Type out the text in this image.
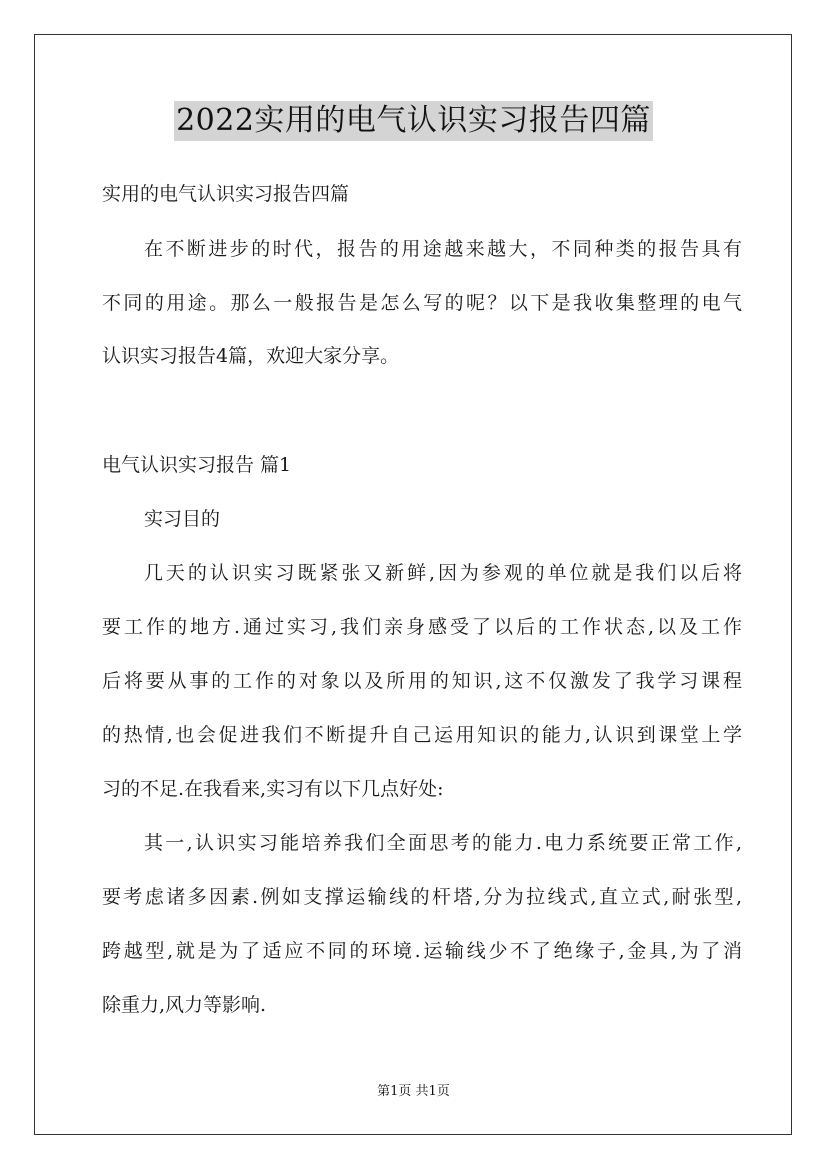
2022实用的电气认识实习报告四篇
实用的电气认识实习报告四篇
在不断进步的时代，报告的用途越来越大，不同种类的报告具有
不同的用途。那么一般报告是怎么写的呢？以下是我收集整理的电气
认识实习报告4篇，欢迎大家分享。
电气认识实习报告 篇1
实习目的
几天的认识实习既紧张又新鲜,因为参观的单位就是我们以后将
要工作的地方.通过实习,我们亲身感受了以后的工作状态,以及工作
后将要从事的工作的对象以及所用的知识,这不仅激发了我学习课程
的热情,也会促进我们不断提升自己运用知识的能力,认识到课堂上学
习的不足.在我看来,实习有以下几点好处:
其一,认识实习能培养我们全面思考的能力.电力系统要正常工作,
要考虑诸多因素.例如支撑运输线的杆塔,分为拉线式,直立式,耐张型,
跨越型,就是为了适应不同的环境.运输线少不了绝缘子,金具,为了消
除重力,风力等影响.
第1页 共1页
